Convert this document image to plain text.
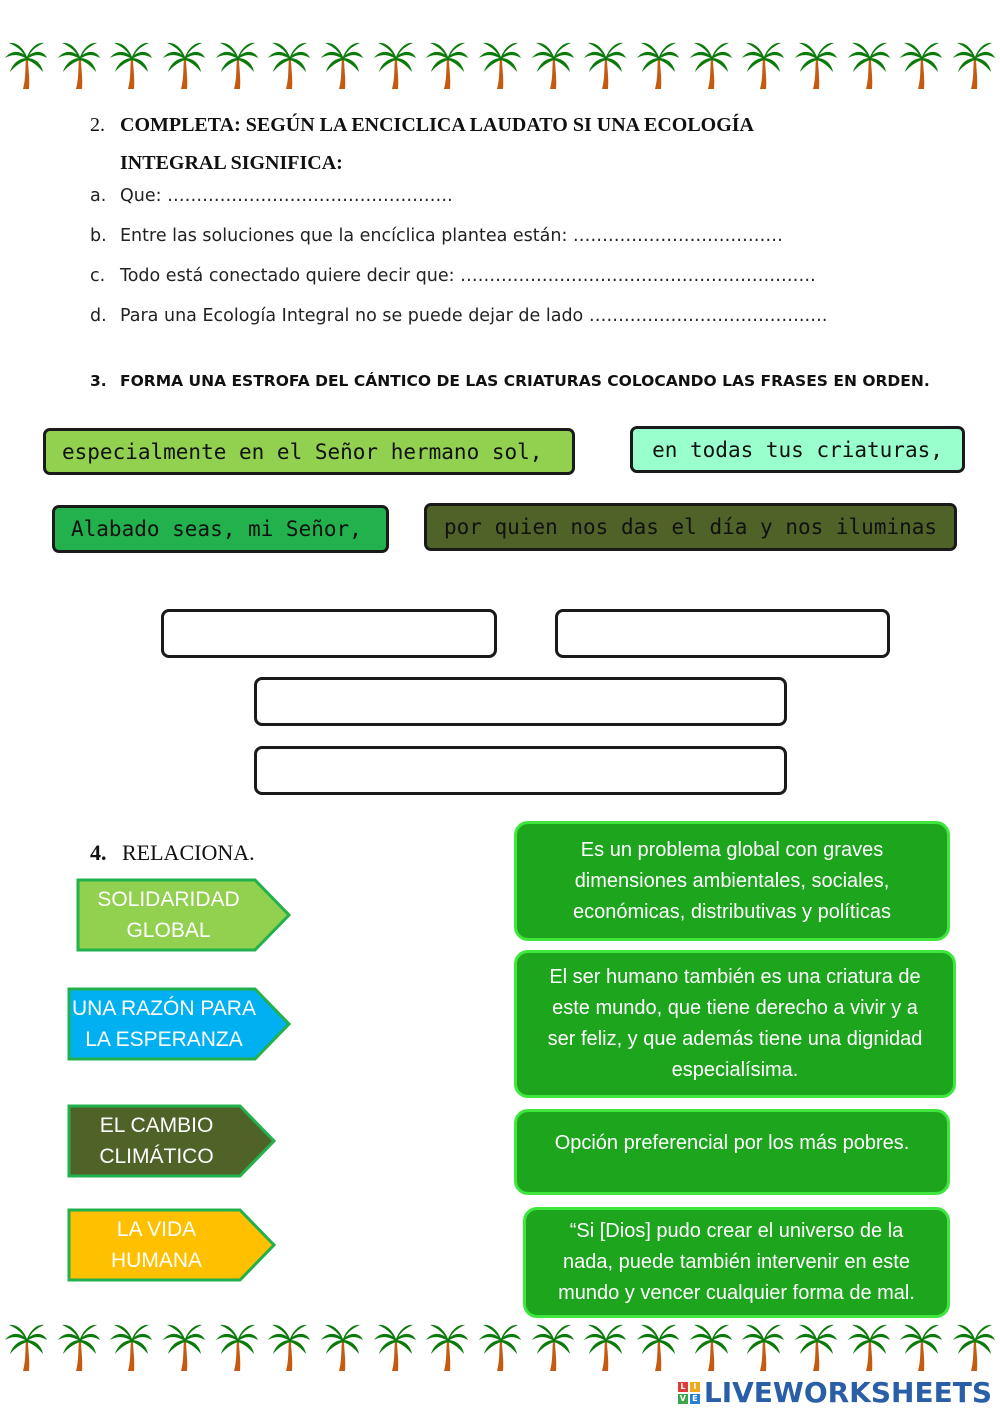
2. COMPLETA: SEGÚN LA ENCICLICA LAUDATO SI UNA ECOLOGÍA
INTEGRAL SIGNIFICA:
a. Que: ………………………………………….
b. Entre las soluciones que la encíclica plantea están: ………………………………
c. Todo está conectado quiere decir que: …………………………………………………….
d. Para una Ecología Integral no se puede dejar de lado ……………………………….….
3. FORMA UNA ESTROFA DEL CÁNTICO DE LAS CRIATURAS COLOCANDO LAS FRASES EN ORDEN.
especialmente en el Señor hermano sol,	en todas tus criaturas,
Alabado seas, mi Señor,	por quien nos das el día y nos iluminas
4. RELACIONA.
SOLIDARIDAD
GLOBAL
UNA RAZÓN PARA
LA ESPERANZA
EL CAMBIO
CLIMÁTICO
LA VIDA
HUMANA
Es un problema global con graves dimensiones ambientales, sociales, económicas, distributivas y políticas
El ser humano también es una criatura de este mundo, que tiene derecho a vivir y a ser feliz, y que además tiene una dignidad especialísima.
Opción preferencial por los más pobres.
“Si [Dios] pudo crear el universo de la nada, puede también intervenir en este mundo y vencer cualquier forma de mal.
L I
V E LIVEWORKSHEETS
